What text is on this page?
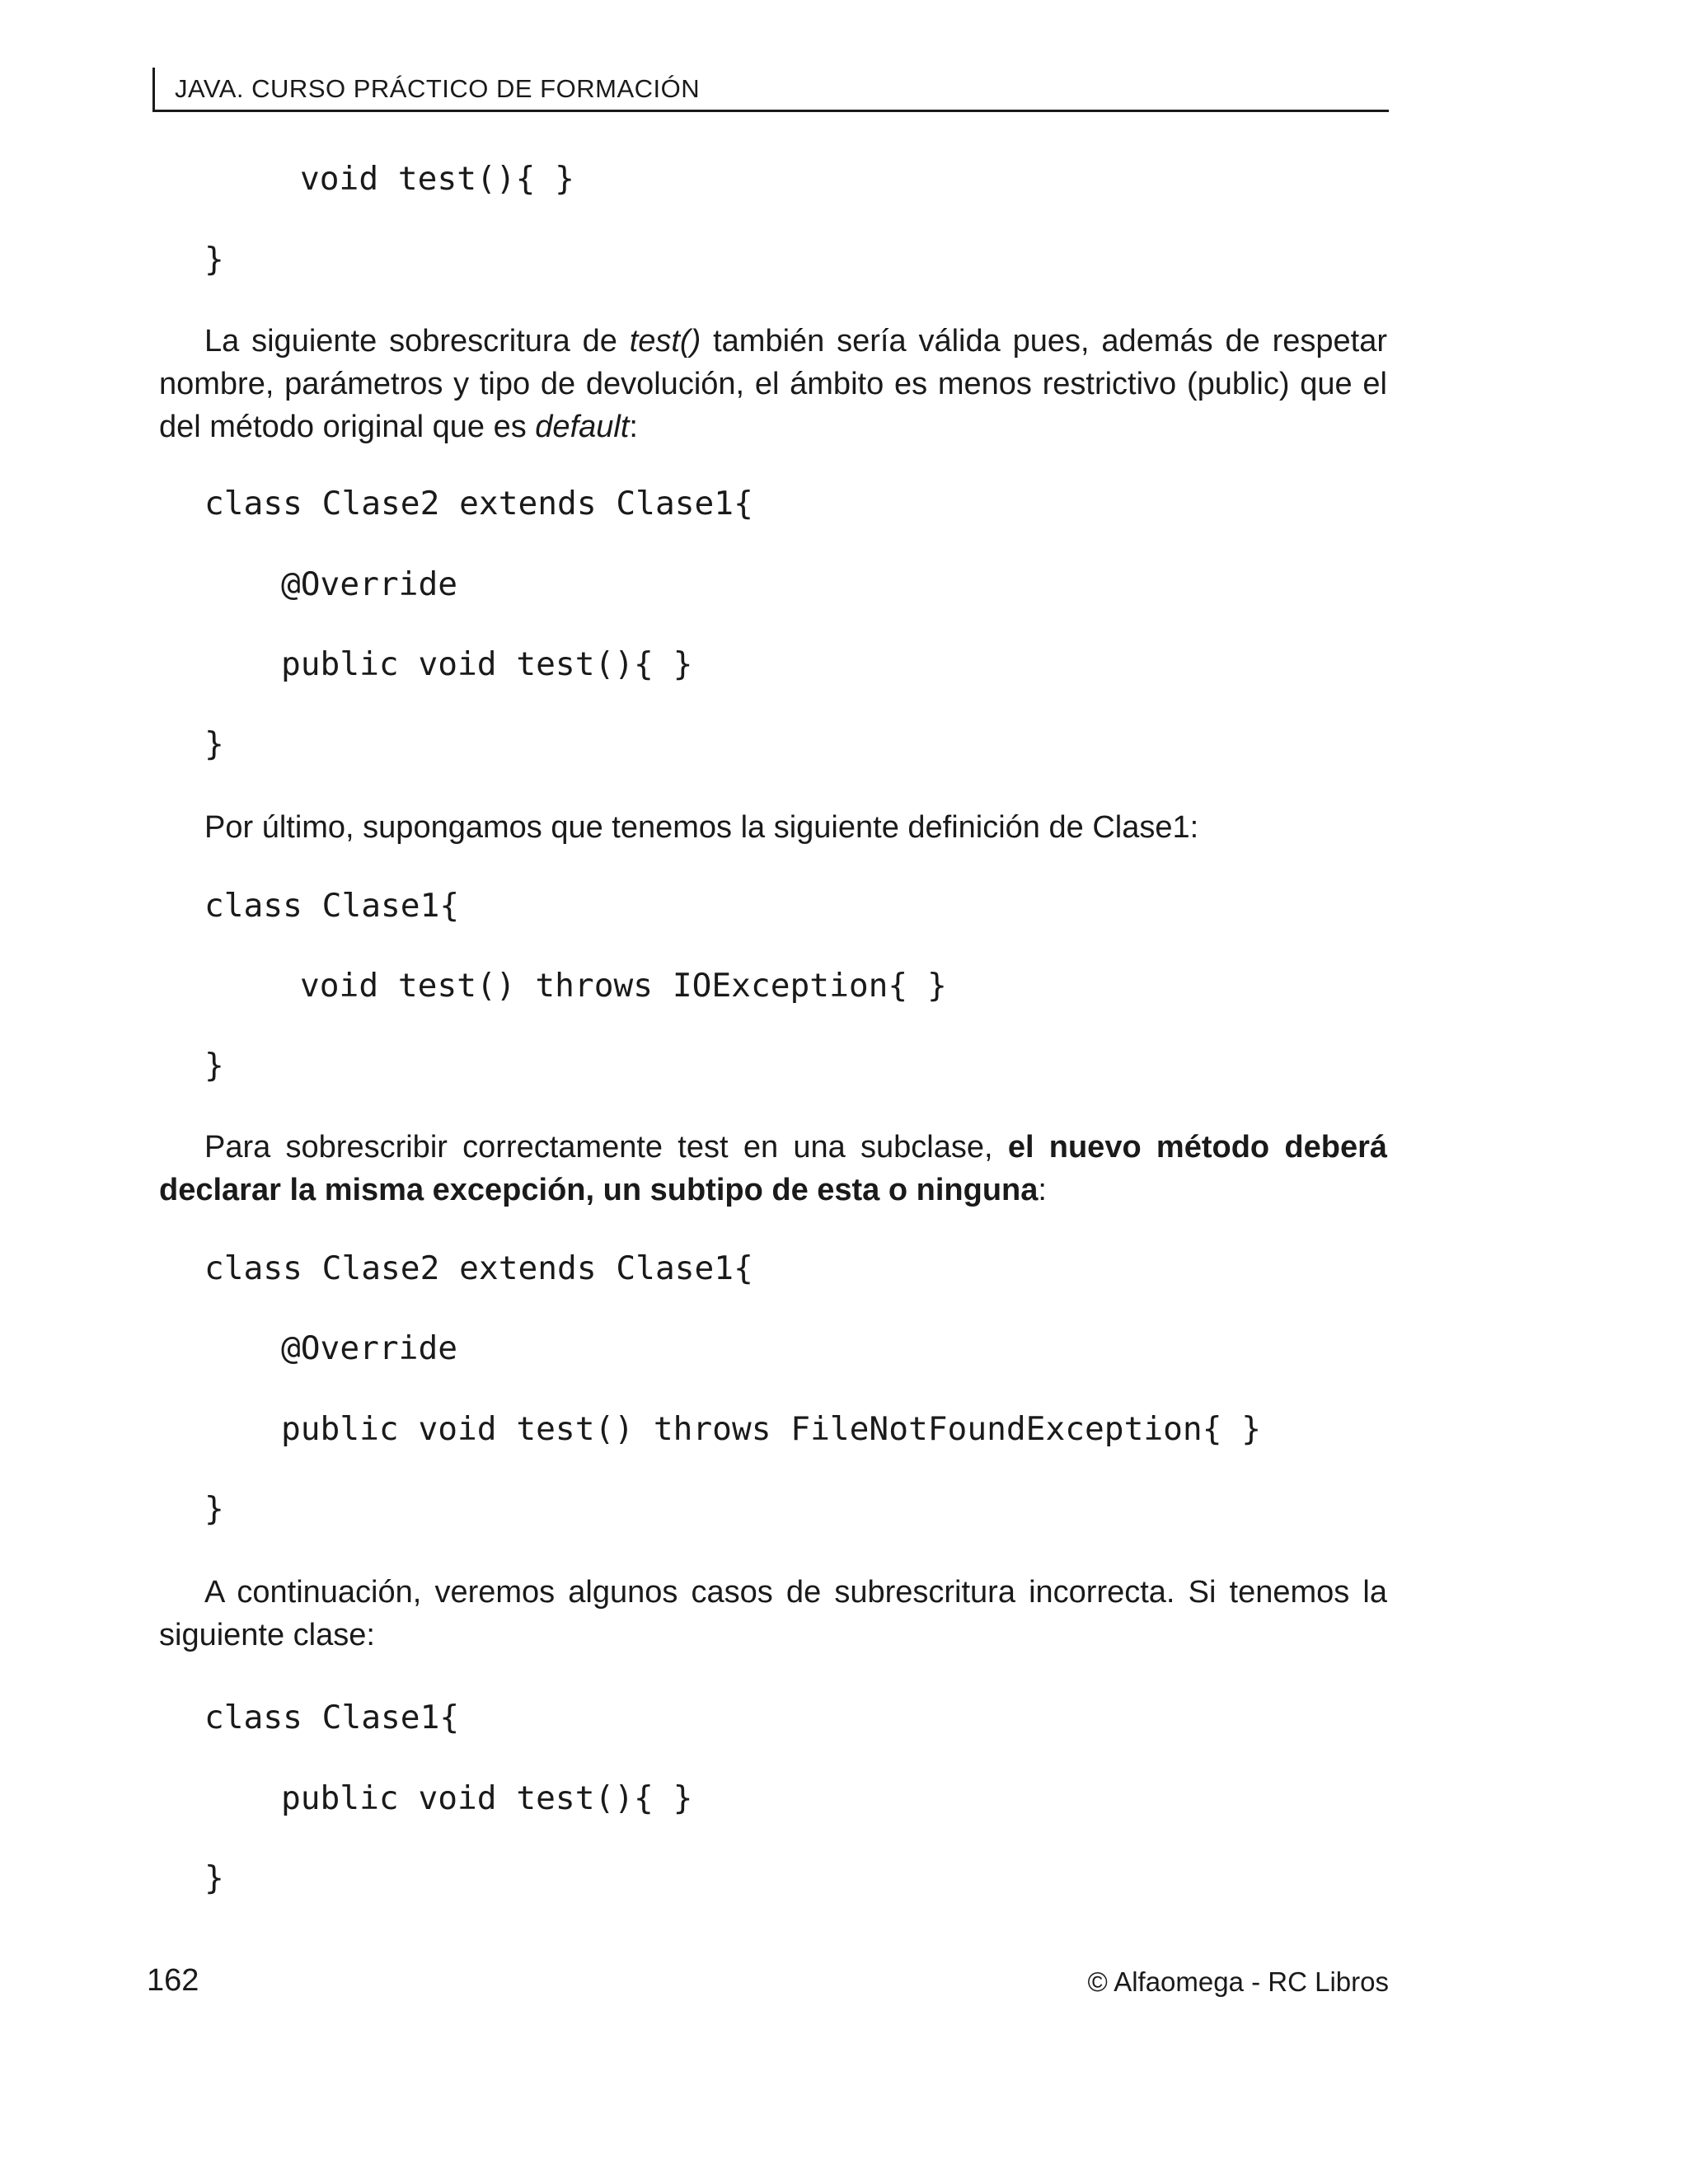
JAVA. CURSO PRÁCTICO DE FORMACIÓN
void test(){ }
}

La siguiente sobrescritura de test() también sería válida pues, además de respetar nombre, parámetros y tipo de devolución, el ámbito es menos restrictivo (public) que el del método original que es default:

class Clase2 extends Clase1{
@Override
public void test(){ }
}

Por último, supongamos que tenemos la siguiente definición de Clase1:

class Clase1{
void test() throws IOException{ }
}

Para sobrescribir correctamente test en una subclase, el nuevo método deberá declarar la misma excepción, un subtipo de esta o ninguna:

class Clase2 extends Clase1{
@Override
public void test() throws FileNotFoundException{ }
}

A continuación, veremos algunos casos de subrescritura incorrecta. Si tenemos la siguiente clase:

class Clase1{
public void test(){ }
}
162	© Alfaomega - RC Libros
